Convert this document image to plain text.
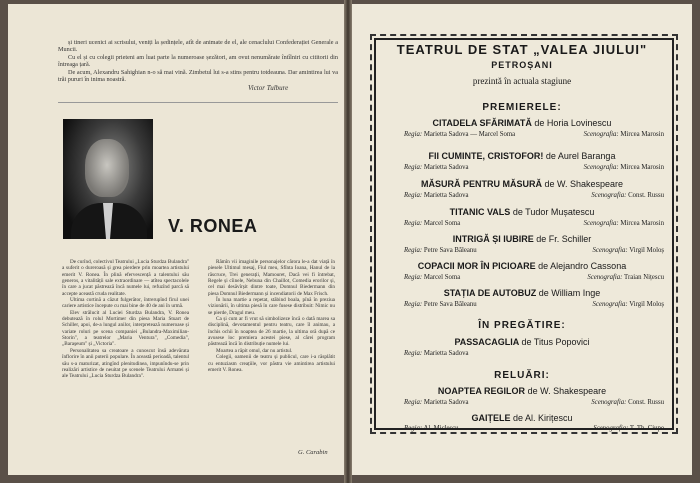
și tineri ucenici ai scrisului, veniți la ședințele, atît de animate de el, ale cenaclului Confederației Generale a Muncii.

Cu el și cu colegii prieteni am luat parte la numeroase șezători, am ovut nenumărate întîlniri cu cititorii din întreaga țară.

De acum, Alexandru Sahighian n-o să mai vină. Zimbetul lui s-a stins pentru totdeauna. Dar amintirea lui va trăi pururi în inima noastră.

Victor Tulbure
V. RONEA

De curînd, colectivul Teatrului „Lucia Sturdza Bulandra" a suferit o dureroasă și grea pierdere prin moartea artistului emerit V. Ronea. În plină efervescență a talentului său generos, a vitalității sale extraordinare — atîtea spectacolele în care a jucat păstrează încă numele lui, refuzînd parcă să accepte această cruda realitate.

Ultima cortină a căzut fulgerător, întrerupînd firul unei cariere artistice începute cu mai bine de 40 de ani în urmă.

Elev strălucit al Luciei Sturdza Bulandra, V. Ronea debutează în rolul Mortimer din piesa Maria Stuart de Schiller, apoi, de-a lungul anilor, interpretează numeroase și variate roluri pe scena companiei „Bulandra-Maximilian-Storin", a teatrelor „Maria Ventura", „Comedia", „Baraşeum" și „Victoria".

Personalitatea sa creatoare a cunoscut însă adevărata înflorire în anii puterii populare. În această perioadă, talentul său s-a maturizat, atingînd plenitudinea, impunîndu-se prin realizări artistice de neuitat pe scenele Teatrului Armatei și ale Teatrului „Lucia Sturdza Bulandra".

Rămîn vii imaginile personajelor cărora le-a dat viață în piesele Ultimul mesaj, Fiul meu, Sfînta Ioana, Hanul de la răscruce, Trei generații, Mamouret, Dacă vei fi întrebat, Regele și cîinele, Nebuna din Chaillot, Comedia erorilor și, cel mai desăvîrșit dintre toate, Domnul Biedermann din piesa Domnul Biedermann și incendiatorii de Max Frisch.

În luna martie a repetat, stăbind boala, pînă în preziua vizionării, în ultima piesă în care fusese distribuit: Nimic nu se pierde, Dragul meu.

Ca și cum ar fi vrut să simbolizeze încă o dată marea sa disciplină, devotamentul pentru teatru, care îl animau, a închis ochii în noaptea de 26 martie, la ultima oră după ce avusese loc premiera acestei piese, al cărei program păstrează încă în distribuție numele lui.

Moartea a răpit omul, dar nu artistul.

Colegii, oamenii de teatru și publicul, care i-a răsplătit cu entuziasm creațiile, vor păstra vie amintirea artistului emerit V. Ronea.

G. Carabin
TEATRUL DE STAT „VALEA JIULUI"
PETROȘANI
prezintă în actuala stagiune
PREMIERELE:
CITADELA SFĂRIMATĂ de Horia Lovinescu
Regia: Marietta Sadova — Marcel Soma	Scenografia: Mircea Marosin
FII CUMINTE, CRISTOFOR! de Aurel Baranga
Regia: Marietta Sadova	Scenografia: Mircea Marosin
MĂSURĂ PENTRU MĂSURĂ de W. Shakespeare
Regia: Marietta Sadova	Scenografia: Const. Russu
TITANIC VALS de Tudor Mușatescu
Regia: Marcel Soma	Scenografia: Mircea Marosin
INTRIGĂ ȘI IUBIRE de Fr. Schiller
Regia: Petre Sava Băleanu	Scenografia: Virgil Moloș
COPACII MOR ÎN PICIOARE de Alejandro Cassona
Regia: Marcel Soma	Scenografia: Traian Nițescu
STAȚIA DE AUTOBUZ de William Inge
Regia: Petre Sava Băleanu	Scenografia: Virgil Moloș
ÎN PREGĂTIRE:
PASSACAGLIA de Titus Popovici
Regia: Marietta Sadova
RELUĂRI:
NOAPTEA REGILOR de W. Shakespeare
Regia: Marietta Sadova	Scenografia: Const. Russu
GAIȚELE de Al. Kirițescu
Regia: Al. Miclescu	Scenografia: T. Th. Ciupe
